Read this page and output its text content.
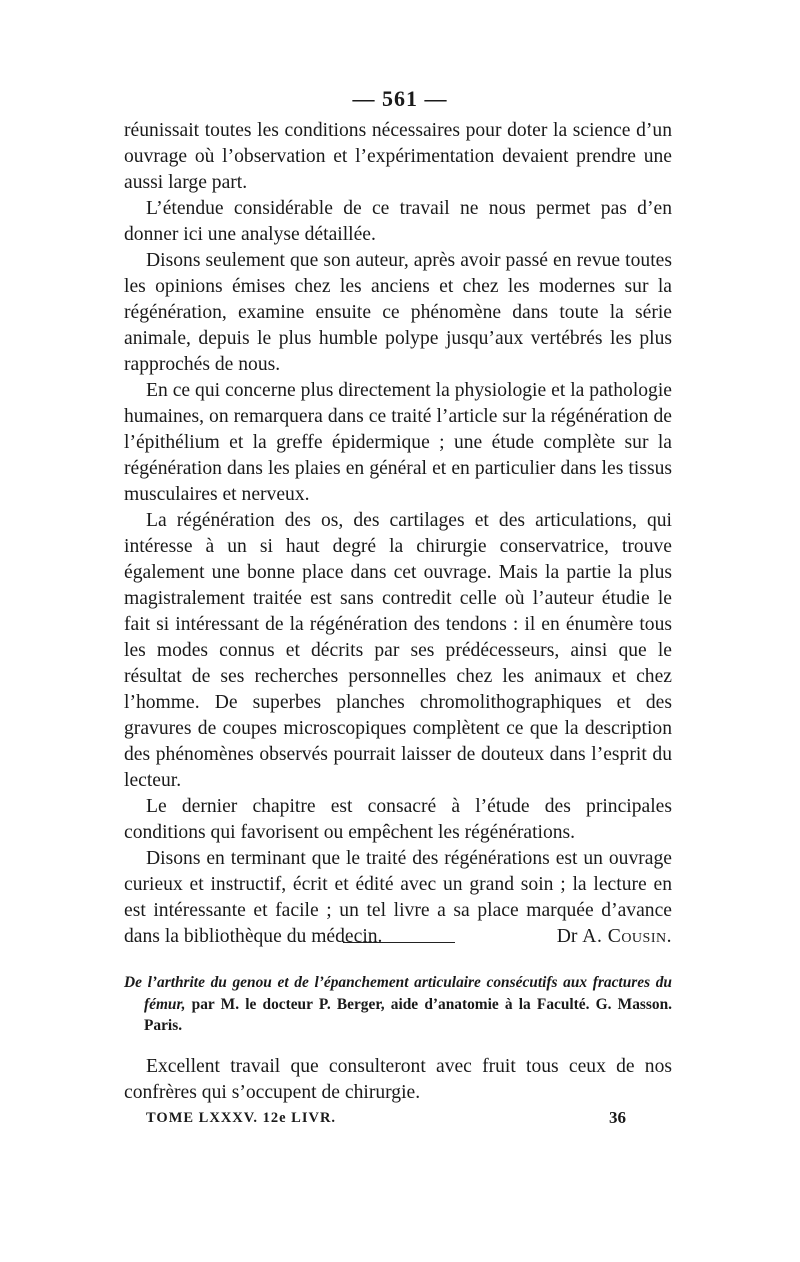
— 561 —

réunissait toutes les conditions nécessaires pour doter la science d’un ouvrage où l’observation et l’expérimentation devaient prendre une aussi large part.

L’étendue considérable de ce travail ne nous permet pas d’en donner ici une analyse détaillée.

Disons seulement que son auteur, après avoir passé en revue toutes les opinions émises chez les anciens et chez les modernes sur la régénération, examine ensuite ce phénomène dans toute la série animale, depuis le plus humble polype jusqu’aux vertébrés les plus rapprochés de nous.

En ce qui concerne plus directement la physiologie et la pathologie humaines, on remarquera dans ce traité l’article sur la régénération de l’épithélium et la greffe épidermique ; une étude complète sur la régénération dans les plaies en général et en particulier dans les tissus musculaires et nerveux.

La régénération des os, des cartilages et des articulations, qui intéresse à un si haut degré la chirurgie conservatrice, trouve également une bonne place dans cet ouvrage. Mais la partie la plus magistralement traitée est sans contredit celle où l’auteur étudie le fait si intéressant de la régénération des tendons : il en énumère tous les modes connus et décrits par ses prédécesseurs, ainsi que le résultat de ses recherches personnelles chez les animaux et chez l’homme. De superbes planches chromolithographiques et des gravures de coupes microscopiques complètent ce que la description des phénomènes observés pourrait laisser de douteux dans l’esprit du lecteur.

Le dernier chapitre est consacré à l’étude des principales conditions qui favorisent ou empêchent les régénérations.

Disons en terminant que le traité des régénérations est un ouvrage curieux et instructif, écrit et édité avec un grand soin ; la lecture en est intéressante et facile ; un tel livre a sa place marquée d’avance dans la bibliothèque du médecin.	Dr A. Cousin.

De l’arthrite du genou et de l’épanchement articulaire consécutifs aux fractures du fémur, par M. le docteur P. Berger, aide d’anatomie à la Faculté. G. Masson. Paris.

Excellent travail que consulteront avec fruit tous ceux de nos confrères qui s’occupent de chirurgie.

TOME LXXXV. 12e LIVR.	36
